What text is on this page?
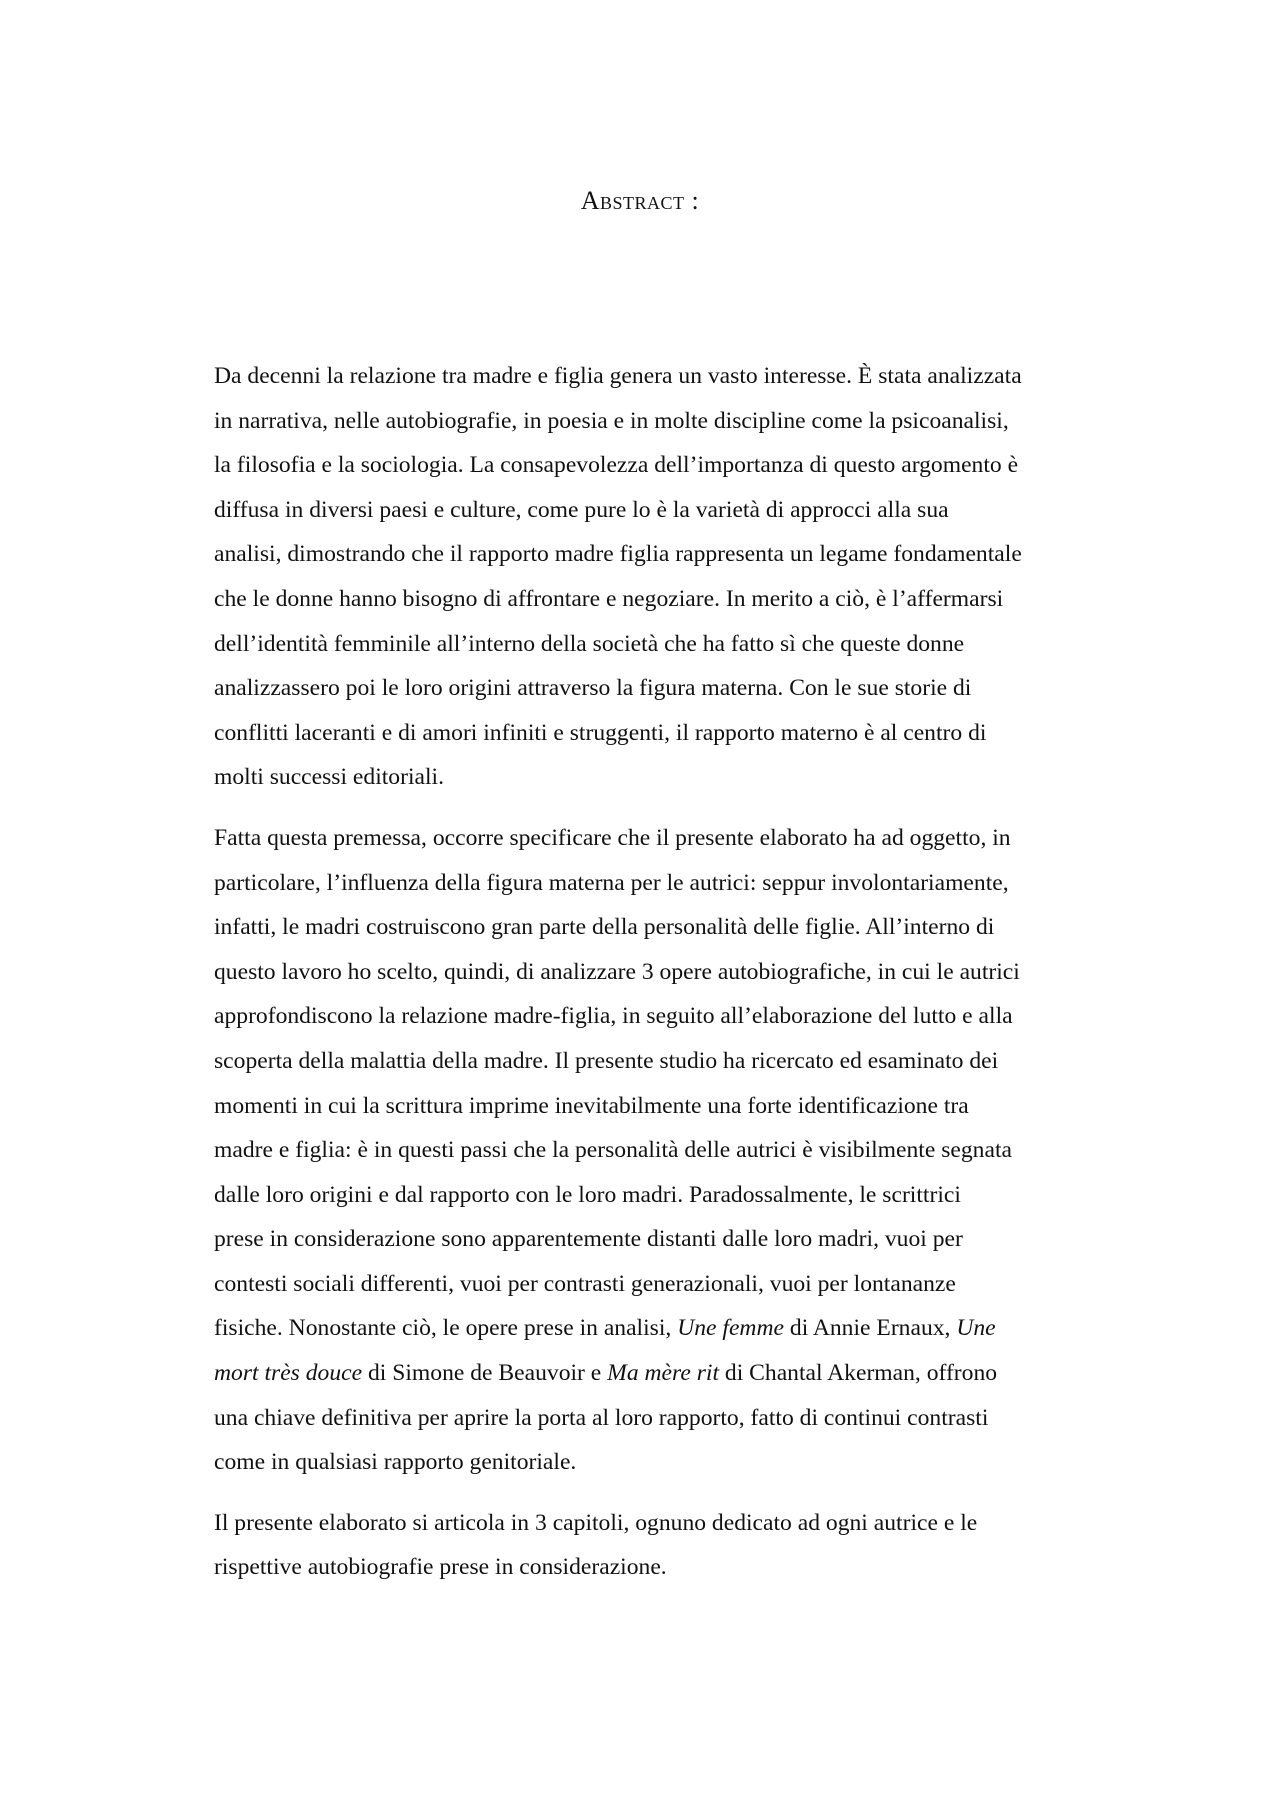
Abstract :

Da decenni la relazione tra madre e figlia genera un vasto interesse. È stata analizzata
in narrativa, nelle autobiografie, in poesia e in molte discipline come la psicoanalisi,
la filosofia e la sociologia. La consapevolezza dell’importanza di questo argomento è
diffusa in diversi paesi e culture, come pure lo è la varietà di approcci alla sua
analisi, dimostrando che il rapporto madre figlia rappresenta un legame fondamentale
che le donne hanno bisogno di affrontare e negoziare. In merito a ciò, è l’affermarsi
dell’identità femminile all’interno della società che ha fatto sì che queste donne
analizzassero poi le loro origini attraverso la figura materna. Con le sue storie di
conflitti laceranti e di amori infiniti e struggenti, il rapporto materno è al centro di
molti successi editoriali.

Fatta questa premessa, occorre specificare che il presente elaborato ha ad oggetto, in
particolare, l’influenza della figura materna per le autrici: seppur involontariamente,
infatti, le madri costruiscono gran parte della personalità delle figlie. All’interno di
questo lavoro ho scelto, quindi, di analizzare 3 opere autobiografiche, in cui le autrici
approfondiscono la relazione madre-figlia, in seguito all’elaborazione del lutto e alla
scoperta della malattia della madre. Il presente studio ha ricercato ed esaminato dei
momenti in cui la scrittura imprime inevitabilmente una forte identificazione tra
madre e figlia: è in questi passi che la personalità delle autrici è visibilmente segnata
dalle loro origini e dal rapporto con le loro madri. Paradossalmente, le scrittrici
prese in considerazione sono apparentemente distanti dalle loro madri, vuoi per
contesti sociali differenti, vuoi per contrasti generazionali, vuoi per lontananze
fisiche. Nonostante ciò, le opere prese in analisi, Une femme di Annie Ernaux, Une
mort très douce di Simone de Beauvoir e Ma mère rit di Chantal Akerman, offrono
una chiave definitiva per aprire la porta al loro rapporto, fatto di continui contrasti
come in qualsiasi rapporto genitoriale.

Il presente elaborato si articola in 3 capitoli, ognuno dedicato ad ogni autrice e le
rispettive autobiografie prese in considerazione.
